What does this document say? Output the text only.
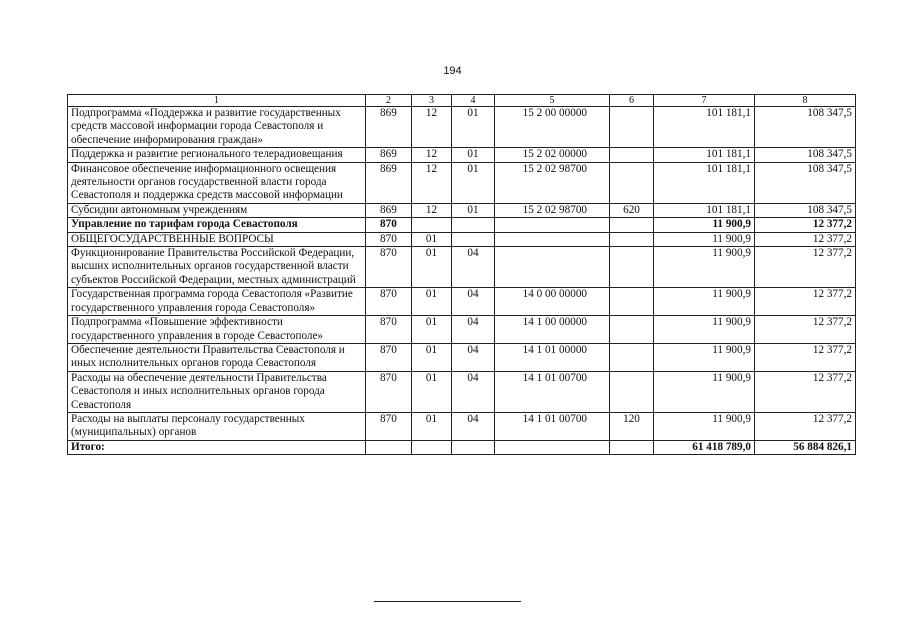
194
1	2	3	4	5	6	7	8
Подпрограмма «Поддержка и развитие государственных средств массовой информации города Севастополя и обеспечение информирования граждан»	869	12	01	15 2 00 00000		101 181,1	108 347,5
Поддержка и развитие регионального телерадиовещания	869	12	01	15 2 02 00000		101 181,1	108 347,5
Финансовое обеспечение информационного освещения деятельности органов государственной власти города Севастополя и поддержка средств массовой информации	869	12	01	15 2 02 98700		101 181,1	108 347,5
Субсидии автономным учреждениям	869	12	01	15 2 02 98700	620	101 181,1	108 347,5
Управление по тарифам города Севастополя	870					11 900,9	12 377,2
ОБЩЕГОСУДАРСТВЕННЫЕ ВОПРОСЫ	870	01				11 900,9	12 377,2
Функционирование Правительства Российской Федерации, высших исполнительных органов государственной власти субъектов Российской Федерации, местных администраций	870	01	04			11 900,9	12 377,2
Государственная программа города Севастополя «Развитие государственного управления города Севастополя»	870	01	04	14 0 00 00000		11 900,9	12 377,2
Подпрограмма «Повышение эффективности государственного управления в городе Севастополе»	870	01	04	14 1 00 00000		11 900,9	12 377,2
Обеспечение деятельности Правительства Севастополя и иных исполнительных органов города Севастополя	870	01	04	14 1 01 00000		11 900,9	12 377,2
Расходы на обеспечение деятельности Правительства Севастополя и иных исполнительных органов города Севастополя	870	01	04	14 1 01 00700		11 900,9	12 377,2
Расходы на выплаты персоналу государственных (муниципальных) органов	870	01	04	14 1 01 00700	120	11 900,9	12 377,2
Итого:						61 418 789,0	56 884 826,1
